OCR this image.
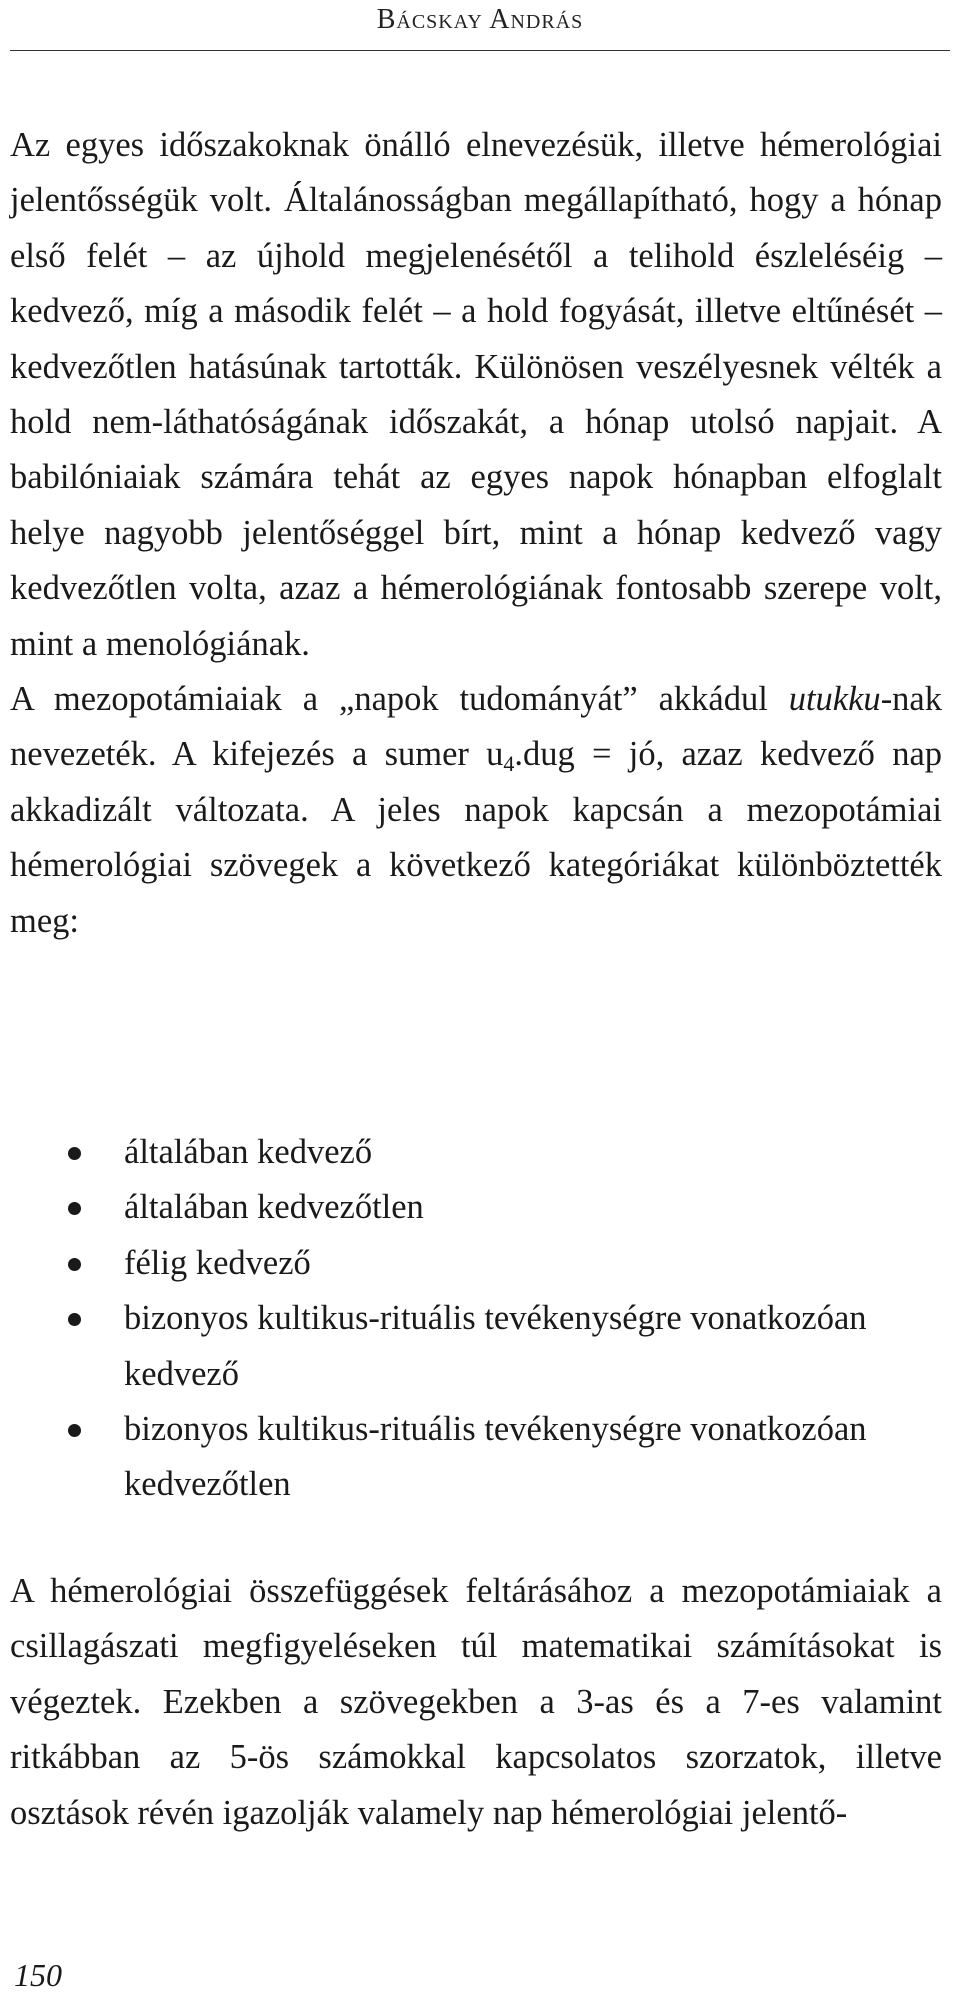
Bácskay András

Az egyes időszakoknak önálló elnevezésük, illetve hémerológiai jelentősségük volt. Általánosságban megállapítható, hogy a hónap első felét – az újhold megjelenésétől a telihold észleléséig – kedvező, míg a második felét – a hold fogyását, illetve eltűnését – kedvezőtlen hatásúnak tartották. Különösen veszélyesnek vélték a hold nem-láthatóságának időszakát, a hónap utolsó napjait. A babilóniaiak számára tehát az egyes napok hónapban elfoglalt helye nagyobb jelentőséggel bírt, mint a hónap kedvező vagy kedvezőtlen volta, azaz a hémerológiának fontosabb szerepe volt, mint a menológiának.

A mezopotámiaiak a „napok tudományát” akkádul utukku-nak nevezeték. A kifejezés a sumer $u_4.dug$ = jó, azaz kedvező nap akkadizált változata. A jeles napok kapcsán a mezopotámiai hémerológiai szövegek a következő kategóriákat különböztették meg:

általában kedvező
általában kedvezőtlen
félig kedvező
bizonyos kultikus-rituális tevékenységre vonatkozóan kedvező
bizonyos kultikus-rituális tevékenységre vonatkozóan kedvezőtlen
A hémerológiai összefüggések feltárásához a mezopotámiaiak a csillagászati megfigyeléseken túl matematikai számításokat is végeztek. Ezekben a szövegekben a 3-as és a 7-es valamint ritkábban az 5-ös számokkal kapcsolatos szorzatok, illetve osztások révén igazolják valamely nap hémerológiai jelentő-
150
